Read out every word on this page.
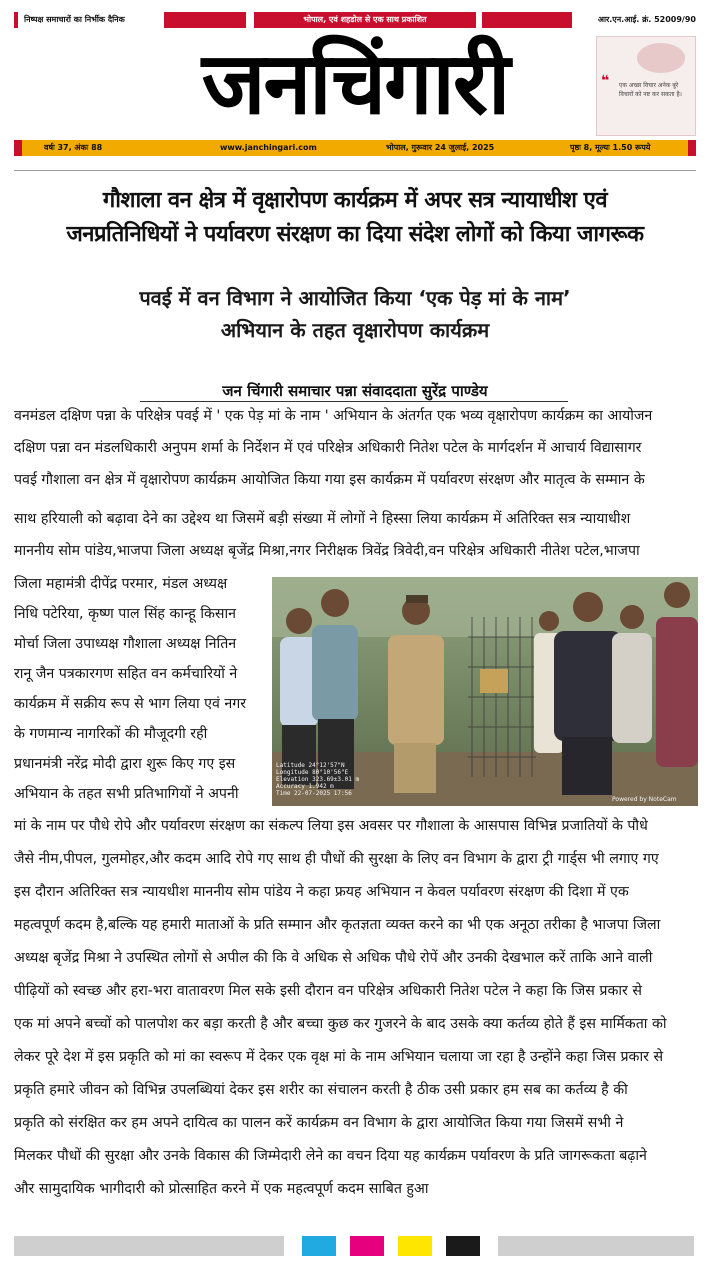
निष्पक्ष समाचारों का निर्भीक दैनिक	भोपाल, एवं शहडोल से एक साथ प्रकाशित	आर.एन.आई. क्रं. 52009/90
जनचिंगारी	❝	एक अच्छा विचार अनेक बुरे विचारों को नष्ट कर सकता है।
वर्षः 37, अंकः 88	www.janchingari.com	भोपाल, गुरूवार 24 जुलाई, 2025	पृष्ठः 8, मूल्यः 1.50 रूपये
गौशाला वन क्षेत्र में वृक्षारोपण कार्यक्रम में अपर सत्र न्यायाधीश एवं
जनप्रतिनिधियों ने पर्यावरण संरक्षण का दिया संदेश लोगों को किया जागरूक
पवई में वन विभाग ने आयोजित किया ‘एक पेड़ मां के नाम’
अभियान के तहत वृक्षारोपण कार्यक्रम
जन चिंगारी समाचार पन्ना संवाददाता सुरेंद्र पाण्डेय
वनमंडल दक्षिण पन्ना के परिक्षेत्र पवई में ' एक पेड़ मां के नाम ' अभियान के अंतर्गत एक भव्य वृक्षारोपण कार्यक्रम का आयोजन
दक्षिण पन्ना वन मंडलधिकारी अनुपम शर्मा के निर्देशन में एवं परिक्षेत्र अधिकारी नितेश पटेल के मार्गदर्शन में आचार्य विद्यासागर
पवई गौशाला वन क्षेत्र में वृक्षारोपण कार्यक्रम आयोजित किया गया इस कार्यक्रम में पर्यावरण संरक्षण और मातृत्व के सम्मान के
साथ हरियाली को बढ़ावा देने का उद्देश्य था जिसमें बड़ी संख्या में लोगों ने हिस्सा लिया कार्यक्रम में अतिरिक्त सत्र न्यायाधीश
माननीय सोम पांडेय,भाजपा जिला अध्यक्ष बृजेंद्र मिश्रा,नगर निरीक्षक त्रिवेंद्र त्रिवेदी,वन परिक्षेत्र अधिकारी नीतेश पटेल,भाजपा
जिला महामंत्री दीपेंद्र परमार, मंडल अध्यक्ष
निधि पटेरिया, कृष्ण पाल सिंह कान्हू किसान
मोर्चा जिला उपाध्यक्ष गौशाला अध्यक्ष नितिन
रानू जैन पत्रकारगण सहित वन कर्मचारियों ने
कार्यक्रम में सक्रीय रूप से भाग लिया एवं नगर
के गणमान्य नागरिकों की मौजूदगी रही
प्रधानमंत्री नरेंद्र मोदी द्वारा शुरू किए गए इस
अभियान के तहत सभी प्रतिभागियों ने अपनी
Latitude 24°12'57"N
Longitude 80°10'56"E
Elevation 323.69±3.01 m
Accuracy 1.942 m
Time 22-07-2025 17:56
Powered by NoteCam
मां के नाम पर पौधे रोपे और पर्यावरण संरक्षण का संकल्प लिया इस अवसर पर गौशाला के आसपास विभिन्न प्रजातियों के पौधे
जैसे नीम,पीपल, गुलमोहर,और कदम आदि रोपे गए साथ ही पौधों की सुरक्षा के लिए वन विभाग के द्वारा ट्री गार्ड्स भी लगाए गए
इस दौरान अतिरिक्त सत्र न्यायधीश माननीय सोम पांडेय ने कहा फ्रयह अभियान न केवल पर्यावरण संरक्षण की दिशा में एक
महत्वपूर्ण कदम है,बल्कि यह हमारी माताओं के प्रति सम्मान और कृतज्ञता व्यक्त करने का भी एक अनूठा तरीका है भाजपा जिला
अध्यक्ष बृजेंद्र मिश्रा ने उपस्थित लोगों से अपील की कि वे अधिक से अधिक पौधे रोपें और उनकी देखभाल करें ताकि आने वाली
पीढ़ियों को स्वच्छ और हरा-भरा वातावरण मिल सके इसी दौरान वन परिक्षेत्र अधिकारी नितेश पटेल ने कहा कि जिस प्रकार से
एक मां अपने बच्चों को पालपोश कर बड़ा करती है और बच्चा कुछ कर गुजरने के बाद उसके क्या कर्तव्य होते हैं इस मार्मिकता को
लेकर पूरे देश में इस प्रकृति को मां का स्वरूप में देकर एक वृक्ष मां के नाम अभियान चलाया जा रहा है उन्होंने कहा जिस प्रकार से
प्रकृति हमारे जीवन को विभिन्न उपलब्धियां देकर इस शरीर का संचालन करती है ठीक उसी प्रकार हम सब का कर्तव्य है की
प्रकृति को संरक्षित कर हम अपने दायित्व का पालन करें कार्यक्रम वन विभाग के द्वारा आयोजित किया गया जिसमें सभी ने
मिलकर पौधों की सुरक्षा और उनके विकास की जिम्मेदारी लेने का वचन दिया यह कार्यक्रम पर्यावरण के प्रति जागरूकता बढ़ाने
और सामुदायिक भागीदारी को प्रोत्साहित करने में एक महत्वपूर्ण कदम साबित हुआ
